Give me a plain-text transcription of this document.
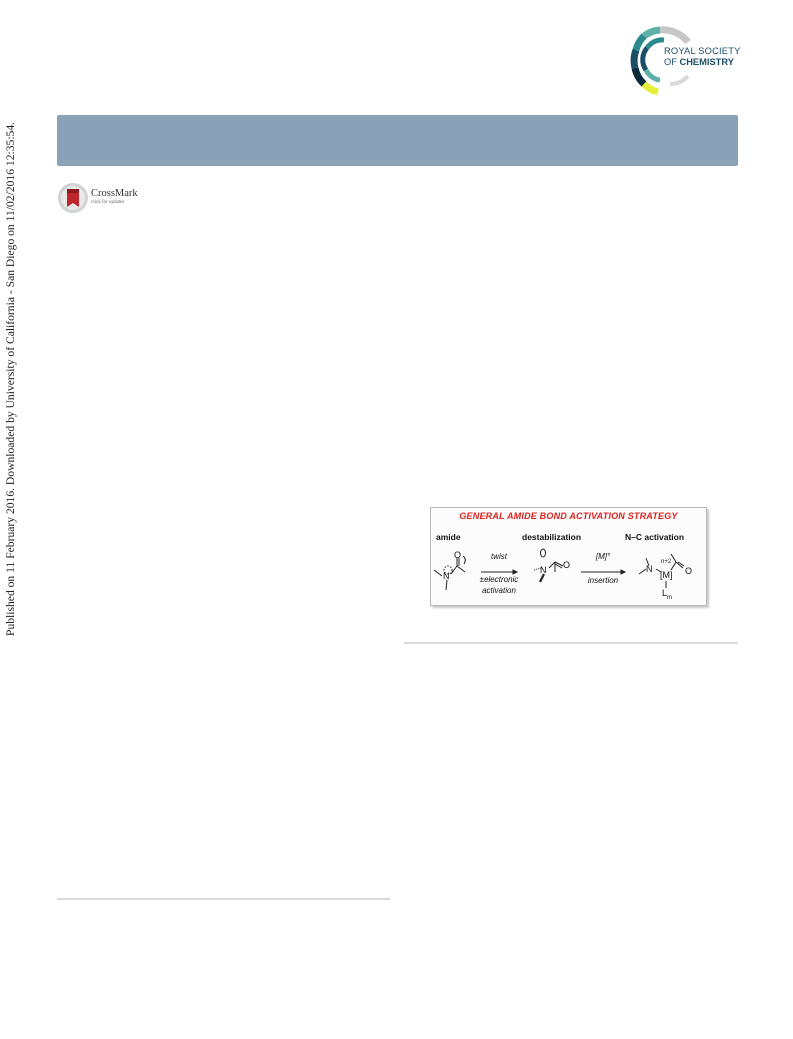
Published on 11 February 2016. Downloaded by University of California - San Diego on 11/02/2016 12:35:54.
ROYAL SOCIETY
OF CHEMISTRY
CrossMark
click for updates
GENERAL AMIDE BOND ACTIVATION STRATEGY
amide	destabilization	N–C activation
O
N
twist
±electronic
activation
N O
[M]°
insertion
N
n+2
[M] O
$L_m$
